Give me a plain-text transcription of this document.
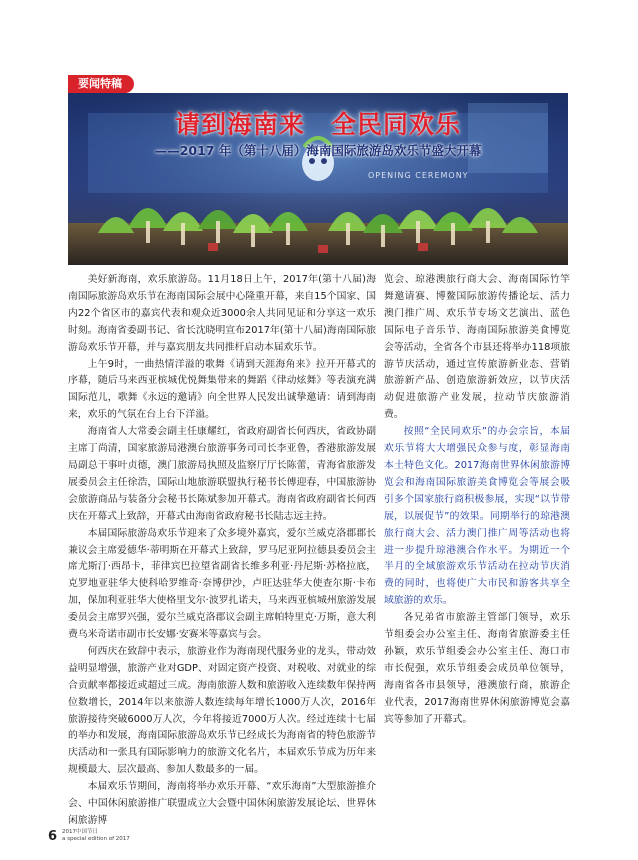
要闻特稿
请到海南来　全民同欢乐
——2017 年（第十八届）海南国际旅游岛欢乐节盛大开幕
OPENING CEREMONY

美好新海南，欢乐旅游岛。11月18日上午，2017年(第十八届)海南国际旅游岛欢乐节在海南国际会展中心隆重开幕，来自15个国家、国内22个省区市的嘉宾代表和观众近3000余人共同见证和分享这一欢乐时刻。海南省委副书记、省长沈晓明宣布2017年(第十八届)海南国际旅游岛欢乐节开幕，并与嘉宾朋友共同推杆启动本届欢乐节。

上午9时，一曲热情洋溢的歌舞《请到天涯海角来》拉开开幕式的序幕，随后马来西亚槟城优悦舞集带来的舞蹈《律动炫舞》等表演充满国际范儿，歌舞《永远的邀请》向全世界人民发出诚挚邀请：请到海南来，欢乐的气氛在台上台下洋溢。

海南省人大常委会副主任康耀红，省政府副省长何西庆，省政协副主席丁尚清，国家旅游局港澳台旅游事务司司长李亚鲁，香港旅游发展局副总干事叶贞德，澳门旅游局执照及监察厅厅长陈蕾，青海省旅游发展委员会主任徐浩，国际山地旅游联盟执行秘书长傅迎春，中国旅游协会旅游商品与装备分会秘书长陈斌参加开幕式。海南省政府副省长何西庆在开幕式上致辞，开幕式由海南省政府秘书长陆志远主持。

本届国际旅游岛欢乐节迎来了众多境外嘉宾，爱尔兰威克洛郡郡长兼议会主席爱德华·蒂明斯在开幕式上致辞，罗马尼亚阿拉德县委员会主席尤斯汀·西昂卡，菲律宾巴拉望省副省长维多利亚·丹尼斯·苏格拉底，克罗地亚驻华大使科哈罗维奇·奈博伊沙，卢旺达驻华大使查尔斯·卡布加，保加利亚驻华大使格里戈尔·波罗扎诺夫，马来西亚槟城州旅游发展委员会主席罗兴强，爱尔兰威克洛郡议会副主席帕特里克·万斯，意大利费乌米奇诺市副市长安娜·安赛米等嘉宾与会。

何西庆在致辞中表示，旅游业作为海南现代服务业的龙头，带动效益明显增强，旅游产业对GDP、对固定资产投资、对税收、对就业的综合贡献率都接近或超过三成。海南旅游人数和旅游收入连续数年保持两位数增长，2014年以来旅游人数连续每年增长1000万人次，2016年旅游接待突破6000万人次，今年将接近7000万人次。经过连续十七届的举办和发展，海南国际旅游岛欢乐节已经成长为海南省的特色旅游节庆活动和一张具有国际影响力的旅游文化名片，本届欢乐节成为历年来规模最大、层次最高、参加人数最多的一届。

本届欢乐节期间，海南将举办欢乐开幕、“欢乐海南”大型旅游推介会、中国休闲旅游推广联盟成立大会暨中国休闲旅游发展论坛、世界休闲旅游博

览会、琼港澳旅行商大会、海南国际竹竿舞邀请赛、博鳌国际旅游传播论坛、活力澳门推广周、欢乐节专场文艺演出、蓝色国际电子音乐节、海南国际旅游美食博览会等活动，全省各个市县还将举办118项旅游节庆活动，通过宣传旅游新业态、营销旅游新产品、创造旅游新效应，以节庆活动促进旅游产业发展，拉动节庆旅游消费。

按照“全民同欢乐”的办会宗旨，本届欢乐节将大大增强民众参与度，彰显海南本土特色文化。2017海南世界休闲旅游博览会和海南国际旅游美食博览会等展会吸引多个国家旅行商积极参展，实现“以节带展，以展促节”的效果。同期举行的琼港澳旅行商大会、活力澳门推广周等活动也将进一步提升琼港澳合作水平。为期近一个半月的全域旅游欢乐节活动在拉动节庆消费的同时，也将使广大市民和游客共享全域旅游的欢乐。

各兄弟省市旅游主管部门领导，欢乐节组委会办公室主任、海南省旅游委主任孙颖，欢乐节组委会办公室主任、海口市市长倪强，欢乐节组委会成员单位领导，海南省各市县领导，港澳旅行商，旅游企业代表，2017海南世界休闲旅游博览会嘉宾等参加了开幕式。

6 2017中国节日
a special edition of 2017
